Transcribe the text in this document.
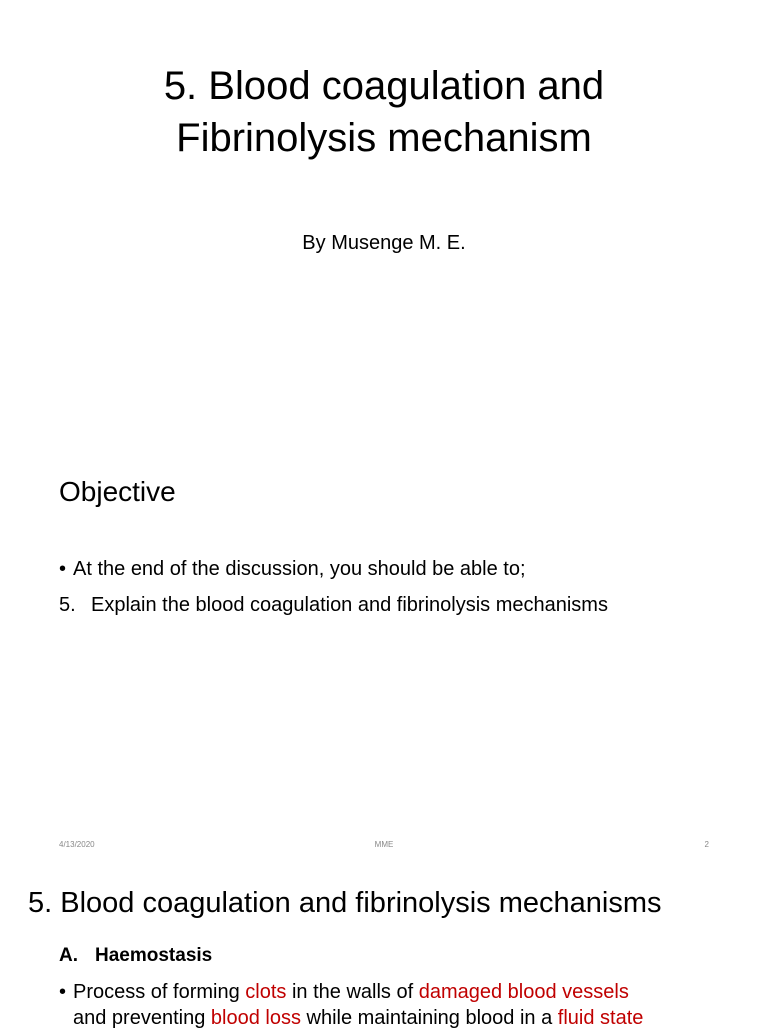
5. Blood coagulation and
Fibrinolysis mechanism
By Musenge M. E.
Objective
• At the end of the discussion, you should be able to;
5. Explain the blood coagulation and fibrinolysis mechanisms
4/13/2020	MME	2
5. Blood coagulation and fibrinolysis mechanisms
A. Haemostasis
• Process of forming clots in the walls of damaged blood vessels
and preventing blood loss while maintaining blood in a fluid state
